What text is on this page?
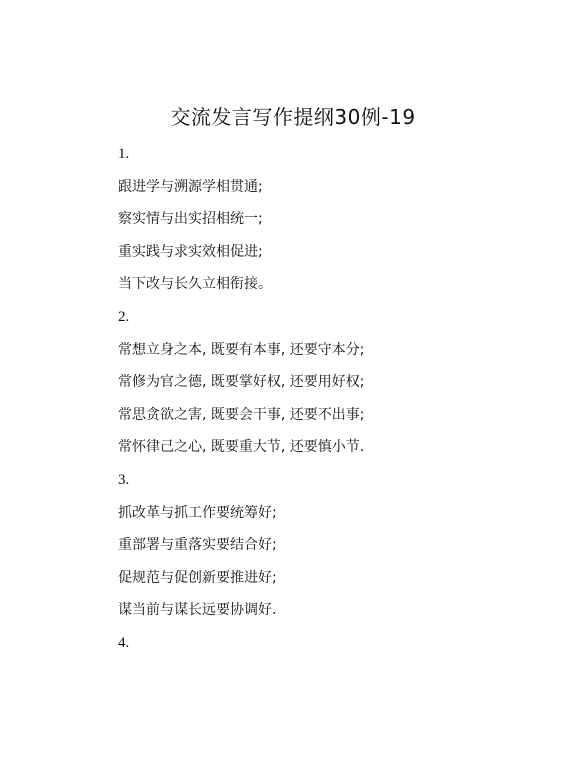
交流发言写作提纲30例-19
1.
跟进学与溯源学相贯通;
察实情与出实招相统一;
重实践与求实效相促进;
当下改与长久立相衔接。
2.
常想立身之本, 既要有本事, 还要守本分;
常修为官之德, 既要掌好权, 还要用好权;
常思贪欲之害, 既要会干事, 还要不出事;
常怀律己之心, 既要重大节, 还要慎小节.
3.
抓改革与抓工作要统筹好;
重部署与重落实要结合好;
促规范与促创新要推进好;
谋当前与谋长远要协调好.
4.
